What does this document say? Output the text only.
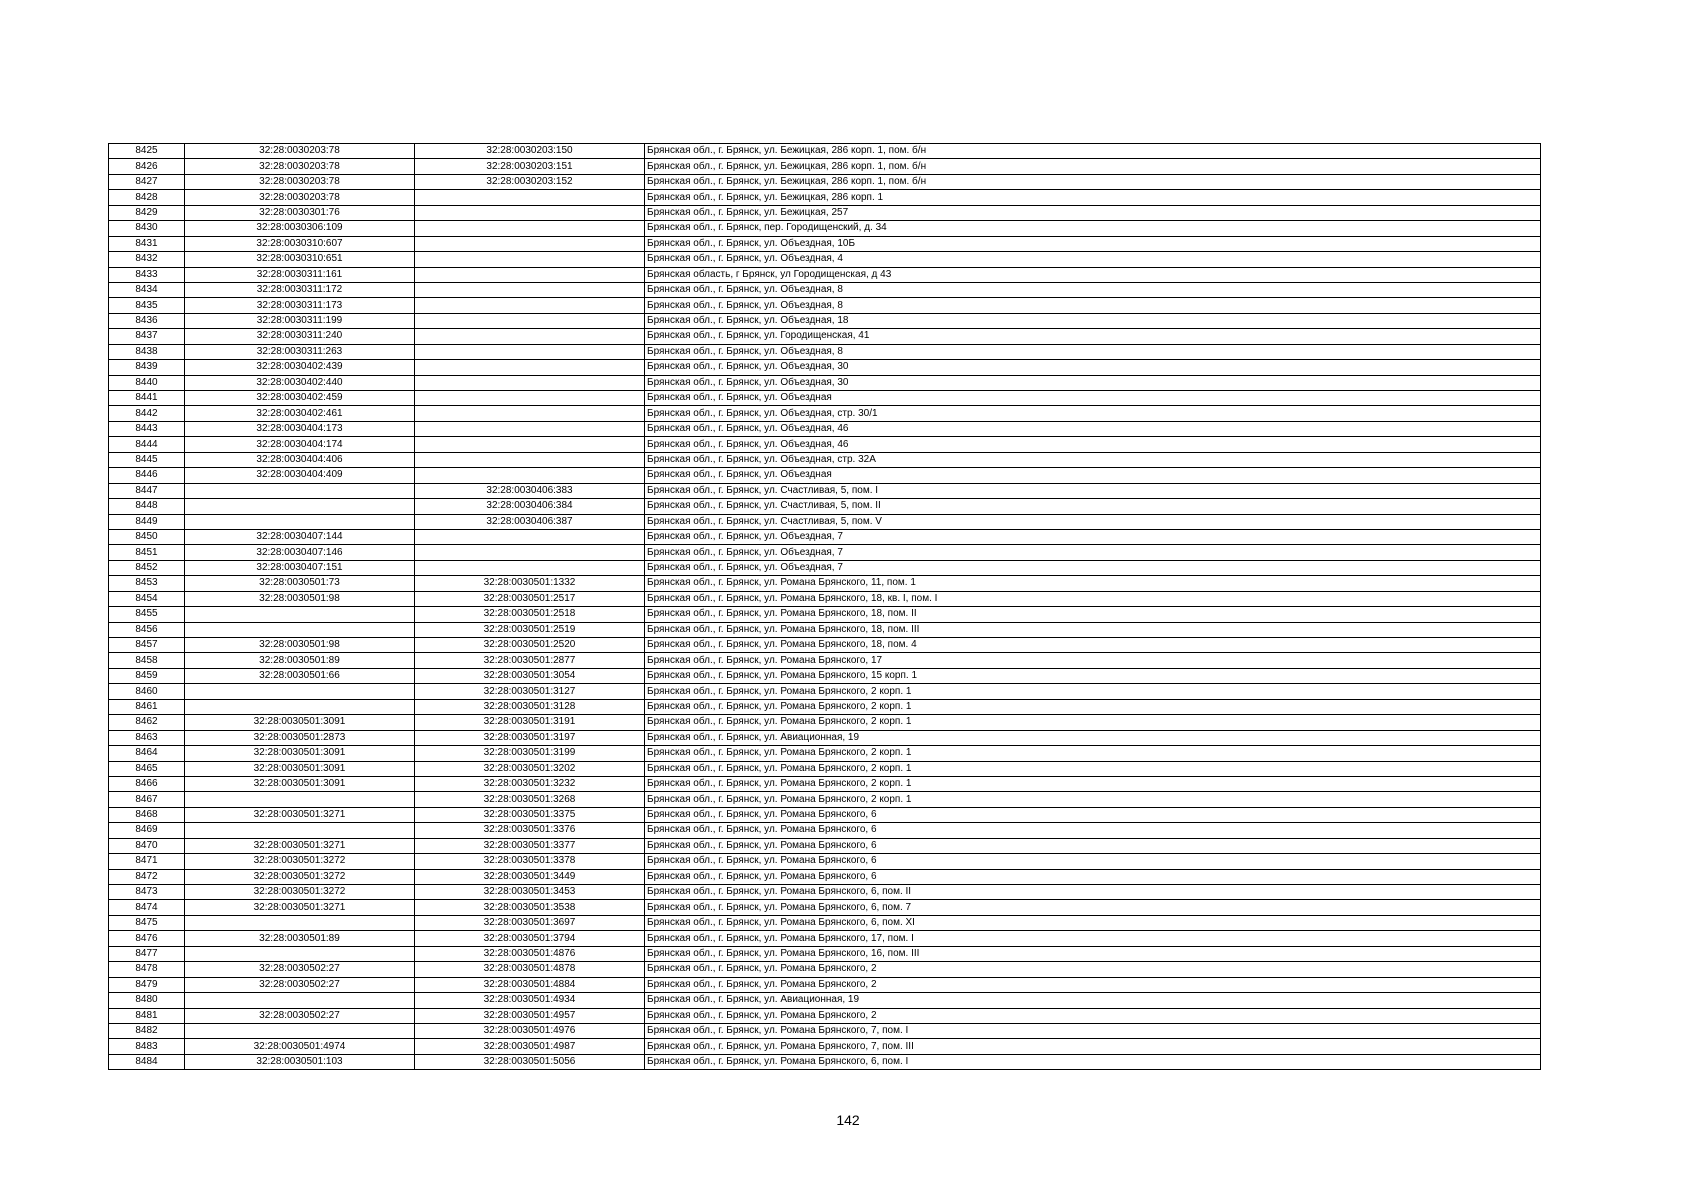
8425	32:28:0030203:78	32:28:0030203:150	Брянская обл., г. Брянск, ул. Бежицкая, 286 корп. 1, пом. б/н
8426	32:28:0030203:78	32:28:0030203:151	Брянская обл., г. Брянск, ул. Бежицкая, 286 корп. 1, пом. б/н
8427	32:28:0030203:78	32:28:0030203:152	Брянская обл., г. Брянск, ул. Бежицкая, 286 корп. 1, пом. б/н
8428	32:28:0030203:78		Брянская обл., г. Брянск, ул. Бежицкая, 286 корп. 1
8429	32:28:0030301:76		Брянская обл., г. Брянск, ул. Бежицкая, 257
8430	32:28:0030306:109		Брянская обл., г. Брянск, пер. Городищенский, д. 34
8431	32:28:0030310:607		Брянская обл., г. Брянск, ул. Объездная, 10Б
8432	32:28:0030310:651		Брянская обл., г. Брянск, ул. Объездная, 4
8433	32:28:0030311:161		Брянская область, г Брянск, ул Городищенская, д 43
8434	32:28:0030311:172		Брянская обл., г. Брянск, ул. Объездная, 8
8435	32:28:0030311:173		Брянская обл., г. Брянск, ул. Объездная, 8
8436	32:28:0030311:199		Брянская обл., г. Брянск, ул. Объездная, 18
8437	32:28:0030311:240		Брянская обл., г. Брянск, ул. Городищенская, 41
8438	32:28:0030311:263		Брянская обл., г. Брянск, ул. Объездная, 8
8439	32:28:0030402:439		Брянская обл., г. Брянск, ул. Объездная, 30
8440	32:28:0030402:440		Брянская обл., г. Брянск, ул. Объездная, 30
8441	32:28:0030402:459		Брянская обл., г. Брянск, ул. Объездная
8442	32:28:0030402:461		Брянская обл., г. Брянск, ул. Объездная, стр. 30/1
8443	32:28:0030404:173		Брянская обл., г. Брянск, ул. Объездная, 46
8444	32:28:0030404:174		Брянская обл., г. Брянск, ул. Объездная, 46
8445	32:28:0030404:406		Брянская обл., г. Брянск, ул. Объездная, стр. 32А
8446	32:28:0030404:409		Брянская обл., г. Брянск, ул. Объездная
8447		32:28:0030406:383	Брянская обл., г. Брянск, ул. Счастливая, 5, пом. I
8448		32:28:0030406:384	Брянская обл., г. Брянск, ул. Счастливая, 5, пом. II
8449		32:28:0030406:387	Брянская обл., г. Брянск, ул. Счастливая, 5, пом. V
8450	32:28:0030407:144		Брянская обл., г. Брянск, ул. Объездная, 7
8451	32:28:0030407:146		Брянская обл., г. Брянск, ул. Объездная, 7
8452	32:28:0030407:151		Брянская обл., г. Брянск, ул. Объездная, 7
8453	32:28:0030501:73	32:28:0030501:1332	Брянская обл., г. Брянск, ул. Романа Брянского, 11, пом. 1
8454	32:28:0030501:98	32:28:0030501:2517	Брянская обл., г. Брянск, ул. Романа Брянского, 18, кв. I, пом. I
8455		32:28:0030501:2518	Брянская обл., г. Брянск, ул. Романа Брянского, 18, пом. II
8456		32:28:0030501:2519	Брянская обл., г. Брянск, ул. Романа Брянского, 18, пом. III
8457	32:28:0030501:98	32:28:0030501:2520	Брянская обл., г. Брянск, ул. Романа Брянского, 18, пом. 4
8458	32:28:0030501:89	32:28:0030501:2877	Брянская обл., г. Брянск, ул. Романа Брянского, 17
8459	32:28:0030501:66	32:28:0030501:3054	Брянская обл., г. Брянск, ул. Романа Брянского, 15 корп. 1
8460		32:28:0030501:3127	Брянская обл., г. Брянск, ул. Романа Брянского, 2 корп. 1
8461		32:28:0030501:3128	Брянская обл., г. Брянск, ул. Романа Брянского, 2 корп. 1
8462	32:28:0030501:3091	32:28:0030501:3191	Брянская обл., г. Брянск, ул. Романа Брянского, 2 корп. 1
8463	32:28:0030501:2873	32:28:0030501:3197	Брянская обл., г. Брянск, ул. Авиационная, 19
8464	32:28:0030501:3091	32:28:0030501:3199	Брянская обл., г. Брянск, ул. Романа Брянского, 2 корп. 1
8465	32:28:0030501:3091	32:28:0030501:3202	Брянская обл., г. Брянск, ул. Романа Брянского, 2 корп. 1
8466	32:28:0030501:3091	32:28:0030501:3232	Брянская обл., г. Брянск, ул. Романа Брянского, 2 корп. 1
8467		32:28:0030501:3268	Брянская обл., г. Брянск, ул. Романа Брянского, 2 корп. 1
8468	32:28:0030501:3271	32:28:0030501:3375	Брянская обл., г. Брянск, ул. Романа Брянского, 6
8469		32:28:0030501:3376	Брянская обл., г. Брянск, ул. Романа Брянского, 6
8470	32:28:0030501:3271	32:28:0030501:3377	Брянская обл., г. Брянск, ул. Романа Брянского, 6
8471	32:28:0030501:3272	32:28:0030501:3378	Брянская обл., г. Брянск, ул. Романа Брянского, 6
8472	32:28:0030501:3272	32:28:0030501:3449	Брянская обл., г. Брянск, ул. Романа Брянского, 6
8473	32:28:0030501:3272	32:28:0030501:3453	Брянская обл., г. Брянск, ул. Романа Брянского, 6, пом. II
8474	32:28:0030501:3271	32:28:0030501:3538	Брянская обл., г. Брянск, ул. Романа Брянского, 6, пом. 7
8475		32:28:0030501:3697	Брянская обл., г. Брянск, ул. Романа Брянского, 6, пом. XI
8476	32:28:0030501:89	32:28:0030501:3794	Брянская обл., г. Брянск, ул. Романа Брянского, 17, пом. I
8477		32:28:0030501:4876	Брянская обл., г. Брянск, ул. Романа Брянского, 16, пом. III
8478	32:28:0030502:27	32:28:0030501:4878	Брянская обл., г. Брянск, ул. Романа Брянского, 2
8479	32:28:0030502:27	32:28:0030501:4884	Брянская обл., г. Брянск, ул. Романа Брянского, 2
8480		32:28:0030501:4934	Брянская обл., г. Брянск, ул. Авиационная, 19
8481	32:28:0030502:27	32:28:0030501:4957	Брянская обл., г. Брянск, ул. Романа Брянского, 2
8482		32:28:0030501:4976	Брянская обл., г. Брянск, ул. Романа Брянского, 7, пом. I
8483	32:28:0030501:4974	32:28:0030501:4987	Брянская обл., г. Брянск, ул. Романа Брянского, 7, пом. III
8484	32:28:0030501:103	32:28:0030501:5056	Брянская обл., г. Брянск, ул. Романа Брянского, 6, пом. I
142
